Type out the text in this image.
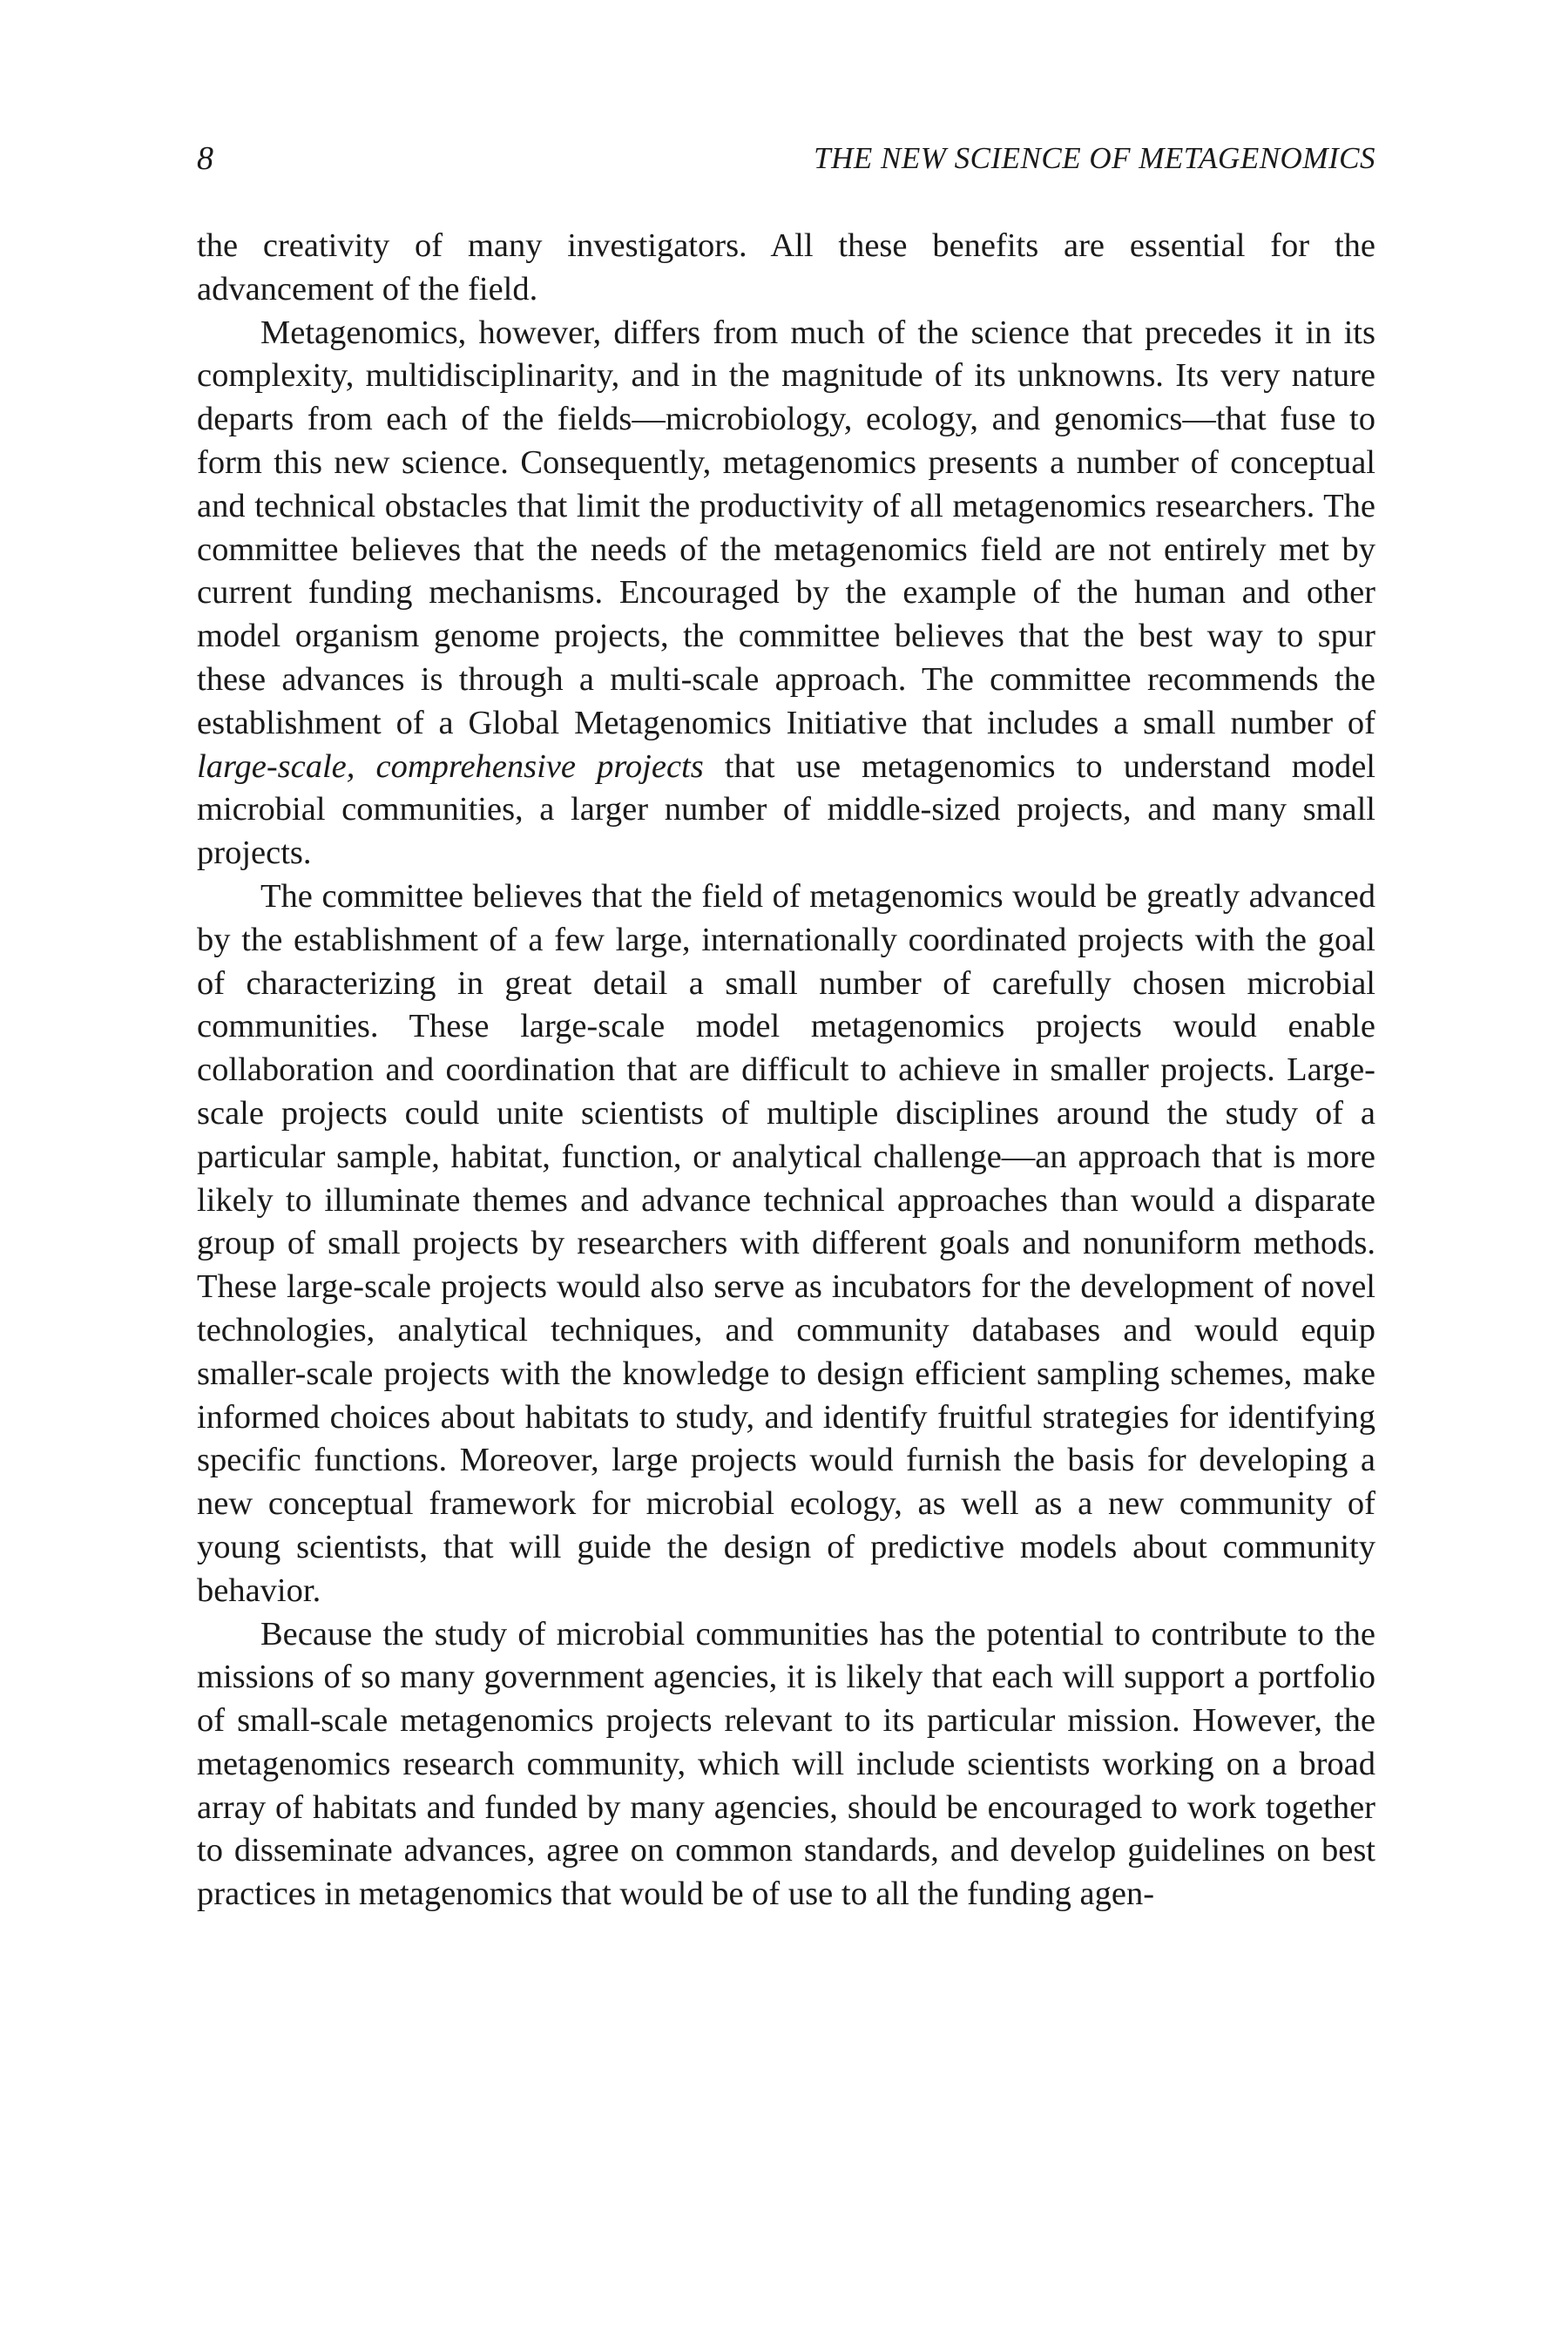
8	THE NEW SCIENCE OF METAGENOMICS

the creativity of many investigators. All these benefits are essential for the advancement of the field.

Metagenomics, however, differs from much of the science that precedes it in its complexity, multidisciplinarity, and in the magnitude of its unknowns. Its very nature departs from each of the fields—microbiology, ecology, and genomics—that fuse to form this new science. Consequently, metagenomics presents a number of conceptual and technical obstacles that limit the productivity of all metagenomics researchers. The committee believes that the needs of the metagenomics field are not entirely met by current funding mechanisms. Encouraged by the example of the human and other model organism genome projects, the committee believes that the best way to spur these advances is through a multi-scale approach. The committee recommends the establishment of a Global Metagenomics Initiative that includes a small number of large-scale, comprehensive projects that use metagenomics to understand model microbial communities, a larger number of middle-sized projects, and many small projects.

The committee believes that the field of metagenomics would be greatly advanced by the establishment of a few large, internationally coordinated projects with the goal of characterizing in great detail a small number of carefully chosen microbial communities. These large-scale model metagenomics projects would enable collaboration and coordination that are difficult to achieve in smaller projects. Large-scale projects could unite scientists of multiple disciplines around the study of a particular sample, habitat, function, or analytical challenge—an approach that is more likely to illuminate themes and advance technical approaches than would a disparate group of small projects by researchers with different goals and nonuniform methods. These large-scale projects would also serve as incubators for the development of novel technologies, analytical techniques, and community databases and would equip smaller-scale projects with the knowledge to design efficient sampling schemes, make informed choices about habitats to study, and identify fruitful strategies for identifying specific functions. Moreover, large projects would furnish the basis for developing a new conceptual framework for microbial ecology, as well as a new community of young scientists, that will guide the design of predictive models about community behavior.

Because the study of microbial communities has the potential to contribute to the missions of so many government agencies, it is likely that each will support a portfolio of small-scale metagenomics projects relevant to its particular mission. However, the metagenomics research community, which will include scientists working on a broad array of habitats and funded by many agencies, should be encouraged to work together to disseminate advances, agree on common standards, and develop guidelines on best practices in metagenomics that would be of use to all the funding agen-
